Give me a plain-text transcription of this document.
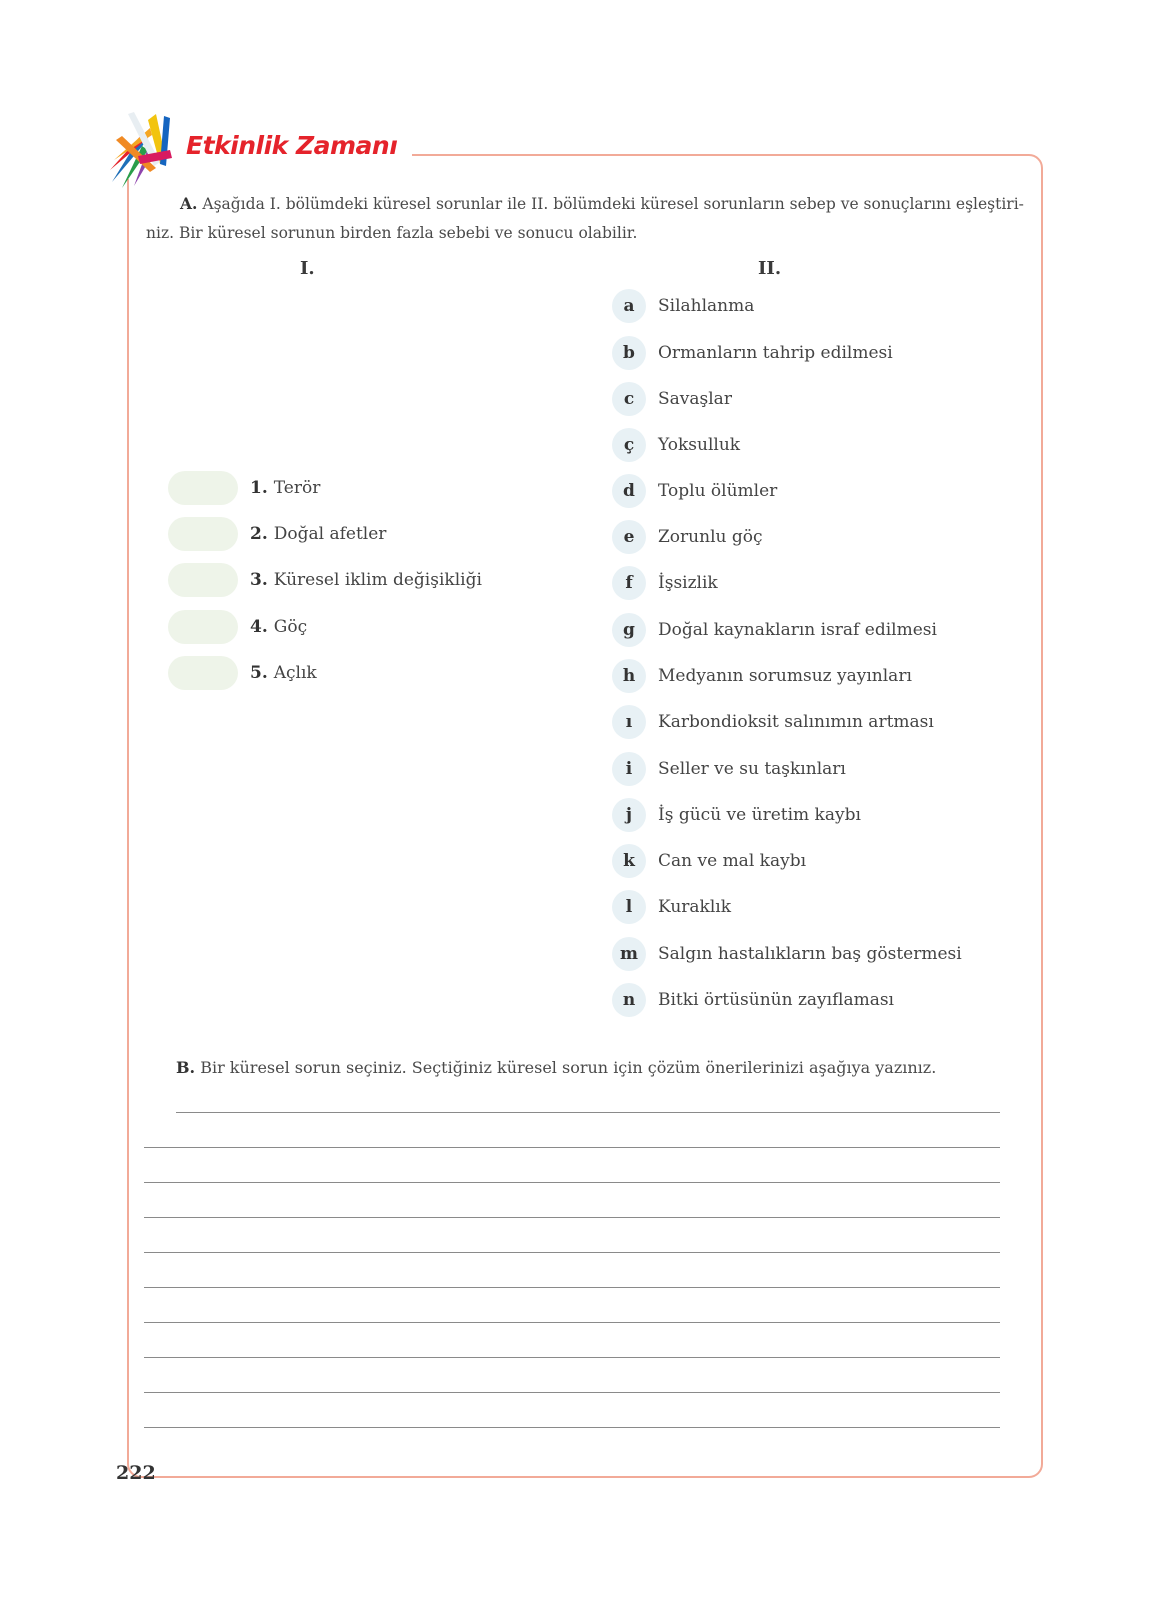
Etkinlik Zamanı
A. Aşağıda I. bölümdeki küresel sorunlar ile II. bölümdeki küresel sorunların sebep ve sonuçlarını eşleştiri- niz. Bir küresel sorunun birden fazla sebebi ve sonucu olabilir.
I.	II.
1. Terör
2. Doğal afetler
3. Küresel iklim değişikliği
4. Göç
5. Açlık
a	Silahlanma
b	Ormanların tahrip edilmesi
c	Savaşlar
ç	Yoksulluk
d	Toplu ölümler
e	Zorunlu göç
f	İşsizlik
g	Doğal kaynakların israf edilmesi
h	Medyanın sorumsuz yayınları
ı	Karbondioksit salınımın artması
i	Seller ve su taşkınları
j	İş gücü ve üretim kaybı
k	Can ve mal kaybı
l	Kuraklık
m	Salgın hastalıkların baş göstermesi
n	Bitki örtüsünün zayıflaması
B. Bir küresel sorun seçiniz. Seçtiğiniz küresel sorun için çözüm önerilerinizi aşağıya yazınız.
222
